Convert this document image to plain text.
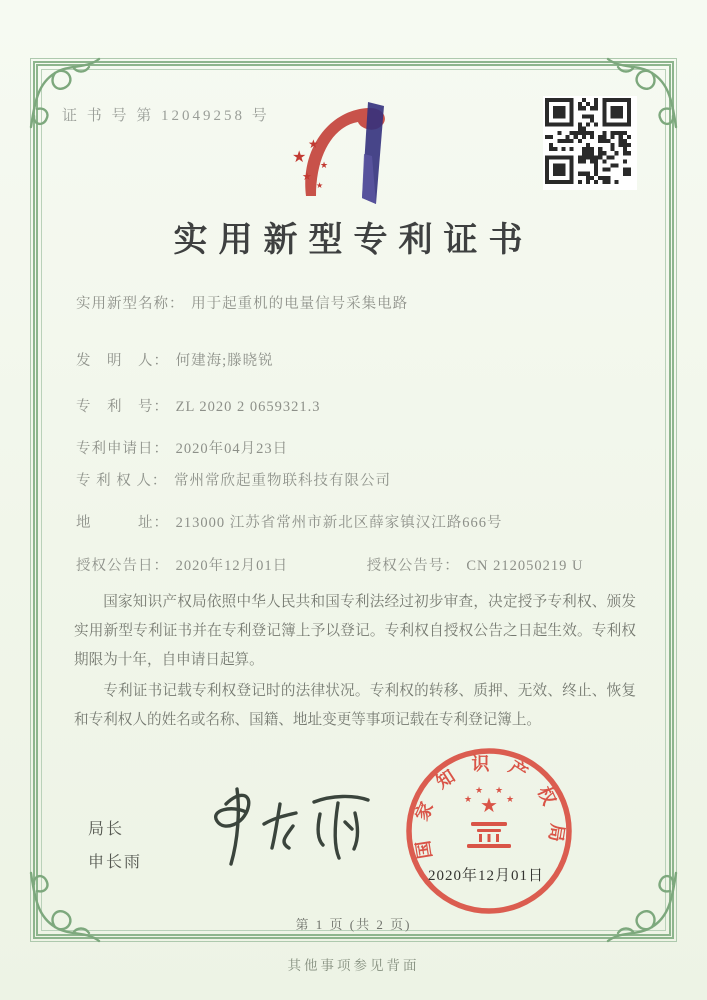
证 书 号 第 12049258 号
★
★
★
★
★
实用新型专利证书
实用新型名称： 用于起重机的电量信号采集电路
发　明　人： 何建海;滕晓锐
专　利　号： ZL 2020 2 0659321.3
专利申请日： 2020年04月23日
专 利 权 人： 常州常欣起重物联科技有限公司
地　　　址： 213000 江苏省常州市新北区薛家镇汉江路666号
授权公告日： 2020年12月01日	授权公告号： CN 212050219 U

国家知识产权局依照中华人民共和国专利法经过初步审查，决定授予专利权、颁发实用新型专利证书并在专利登记簿上予以登记。专利权自授权公告之日起生效。专利权期限为十年，自申请日起算。

专利证书记载专利权登记时的法律状况。专利权的转移、质押、无效、终止、恢复和专利权人的姓名或名称、国籍、地址变更等事项记载在专利登记簿上。

局长
申长雨
国家知识产权局
★
★
★ ★
★
2020年12月01日
第 1 页 (共 2 页)
其他事项参见背面
